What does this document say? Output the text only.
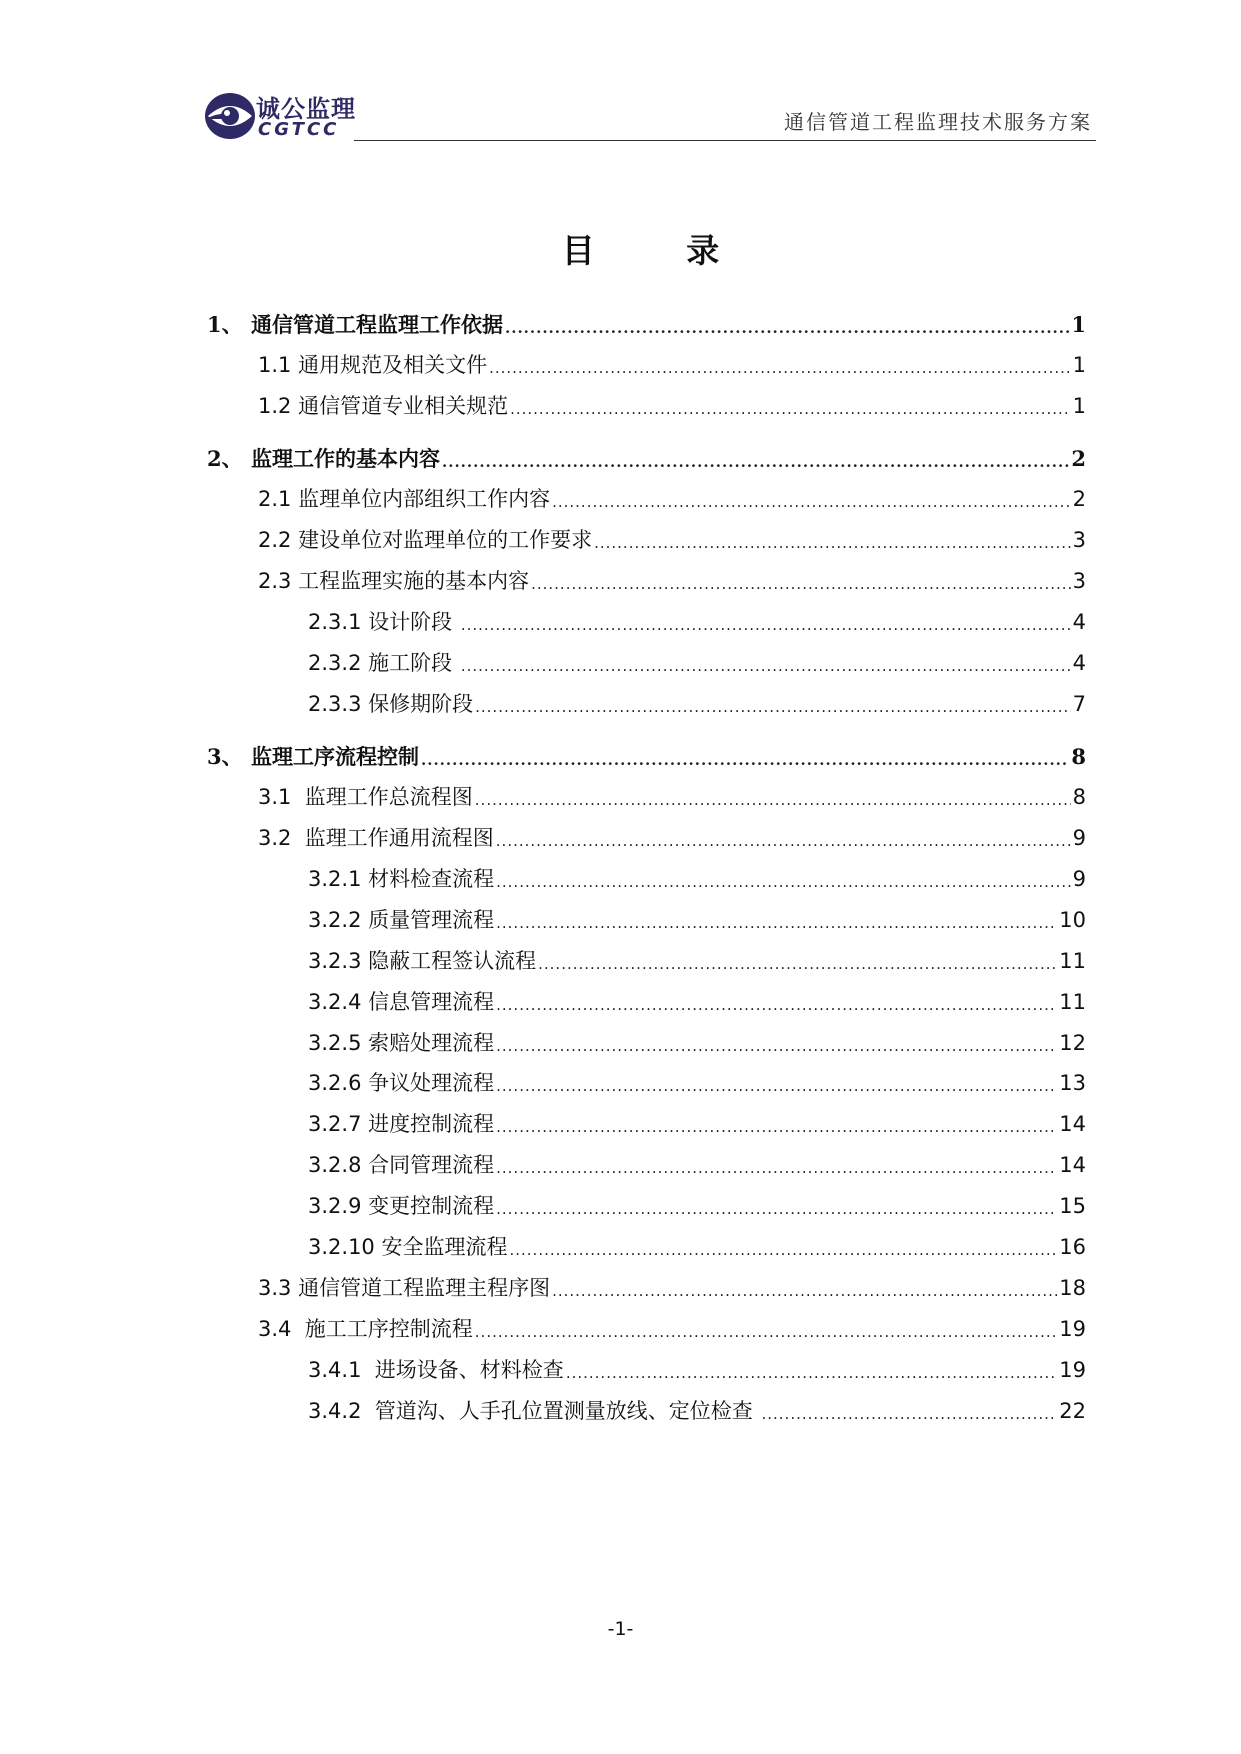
诚公监理
CGTCC	通信管道工程监理技术服务方案
目 录
1、 通信管道工程监理工作依据 .....	1
1.1 通用规范及相关文件 .....	1
1.2 通信管道专业相关规范 .....	1
2、 监理工作的基本内容 .....	2
2.1 监理单位内部组织工作内容 .....	2
2.2 建设单位对监理单位的工作要求 .....	3
2.3 工程监理实施的基本内容 .....	3
2.3.1 设计阶段 .....	4
2.3.2 施工阶段 .....	4
2.3.3 保修期阶段 .....	7
3、 监理工序流程控制 .....	8
3.1  监理工作总流程图 .....	8
3.2  监理工作通用流程图 .....	9
3.2.1 材料检查流程 .....	9
3.2.2 质量管理流程 .....	10
3.2.3 隐蔽工程签认流程 .....	11
3.2.4 信息管理流程 .....	11
3.2.5 索赔处理流程 .....	12
3.2.6 争议处理流程 .....	13
3.2.7 进度控制流程 .....	14
3.2.8 合同管理流程 .....	14
3.2.9 变更控制流程 .....	15
3.2.10 安全监理流程 .....	16
3.3 通信管道工程监理主程序图 .....	18
3.4  施工工序控制流程 .....	19
3.4.1  进场设备、材料检查 .....	19
3.4.2  管道沟、人手孔位置测量放线、定位检查 .....	22
-1-
